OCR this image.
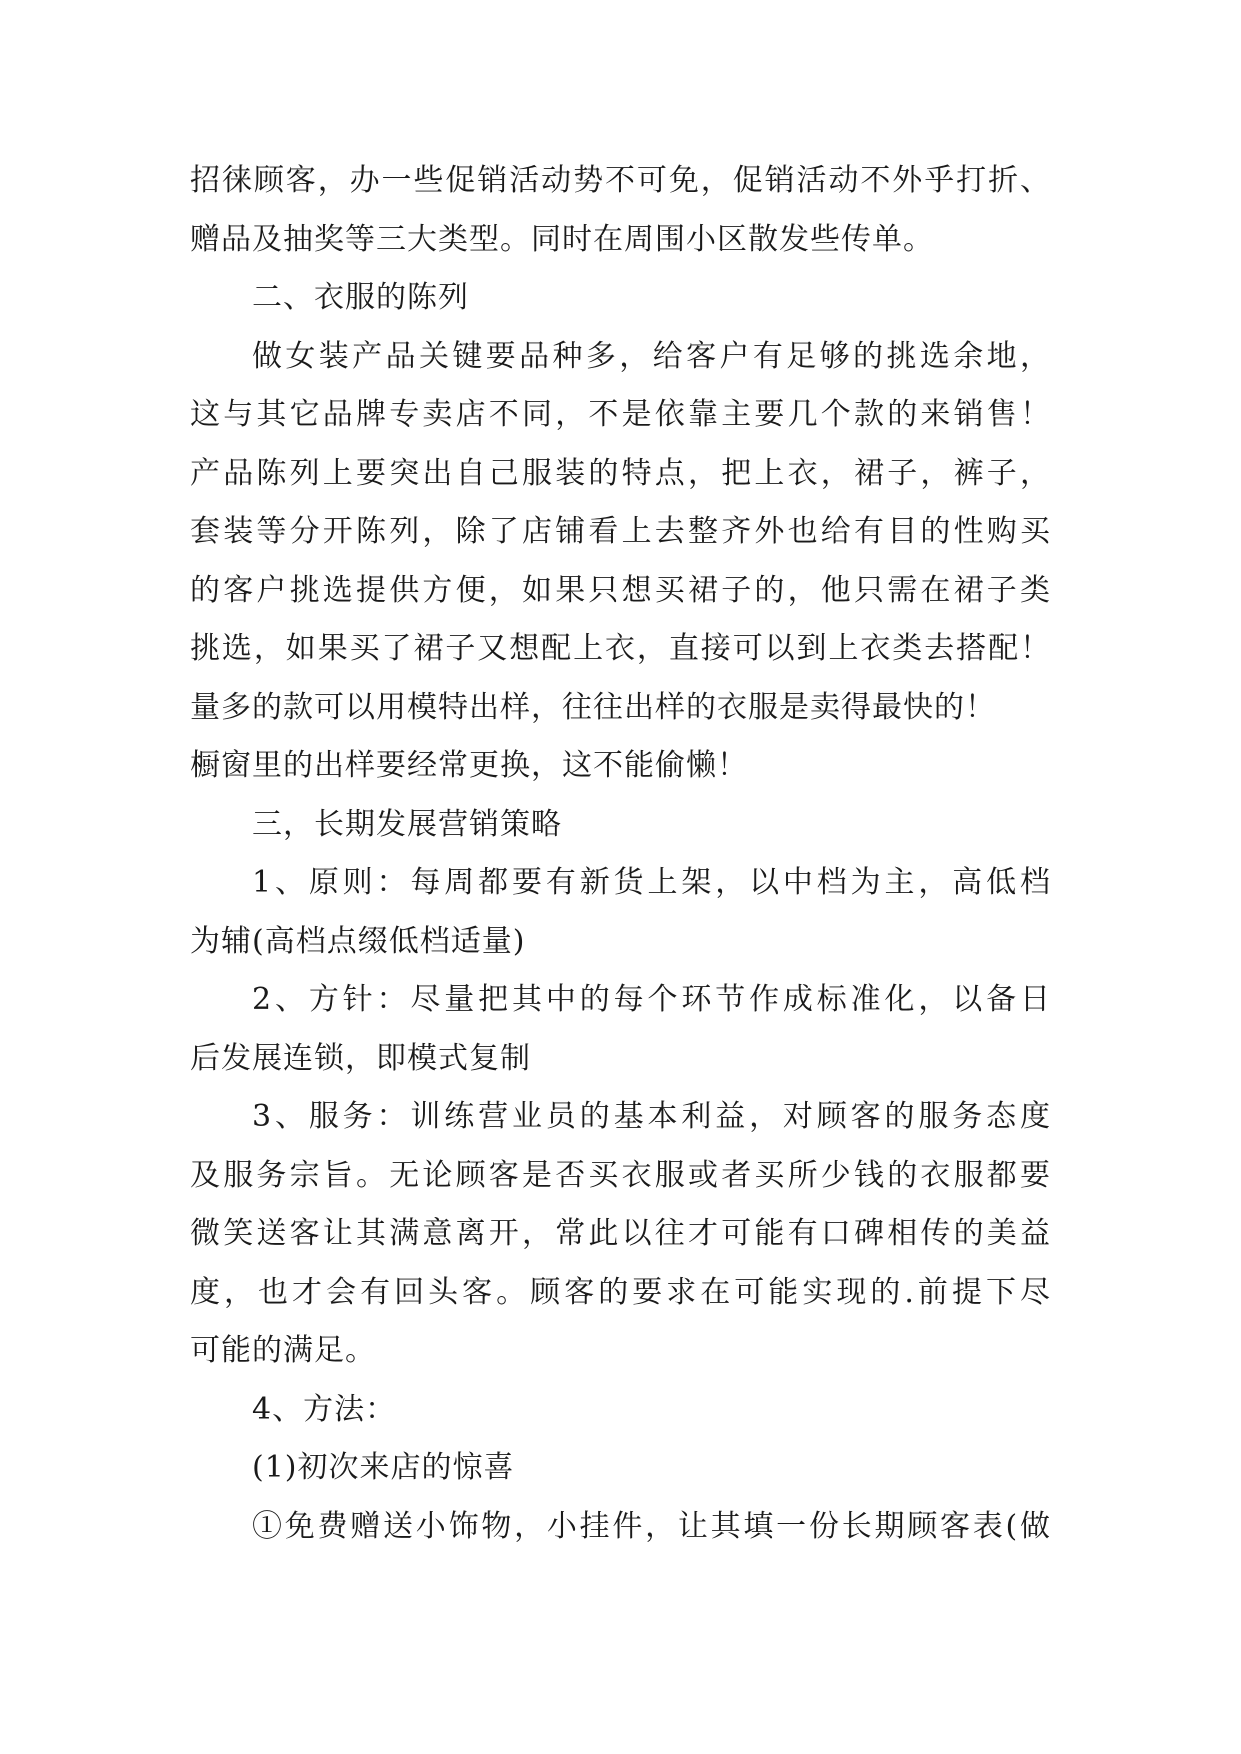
招徕顾客，办一些促销活动势不可免，促销活动不外乎打折、

赠品及抽奖等三大类型。同时在周围小区散发些传单。

二、衣服的陈列

做女装产品关键要品种多，给客户有足够的挑选余地，

这与其它品牌专卖店不同，不是依靠主要几个款的来销售！

产品陈列上要突出自己服装的特点，把上衣，裙子，裤子，

套装等分开陈列，除了店铺看上去整齐外也给有目的性购买

的客户挑选提供方便，如果只想买裙子的，他只需在裙子类

挑选，如果买了裙子又想配上衣，直接可以到上衣类去搭配！

量多的款可以用模特出样，往往出样的衣服是卖得最快的！

橱窗里的出样要经常更换，这不能偷懒！

三，长期发展营销策略

1、原则：每周都要有新货上架，以中档为主，高低档

为辅(高档点缀低档适量)

2、方针：尽量把其中的每个环节作成标准化，以备日

后发展连锁，即模式复制

3、服务：训练营业员的基本利益，对顾客的服务态度

及服务宗旨。无论顾客是否买衣服或者买所少钱的衣服都要

微笑送客让其满意离开，常此以往才可能有口碑相传的美益

度，也才会有回头客。顾客的要求在可能实现的.前提下尽

可能的满足。

4、方法：

(1)初次来店的惊喜

①免费赠送小饰物，小挂件，让其填一份长期顾客表(做
